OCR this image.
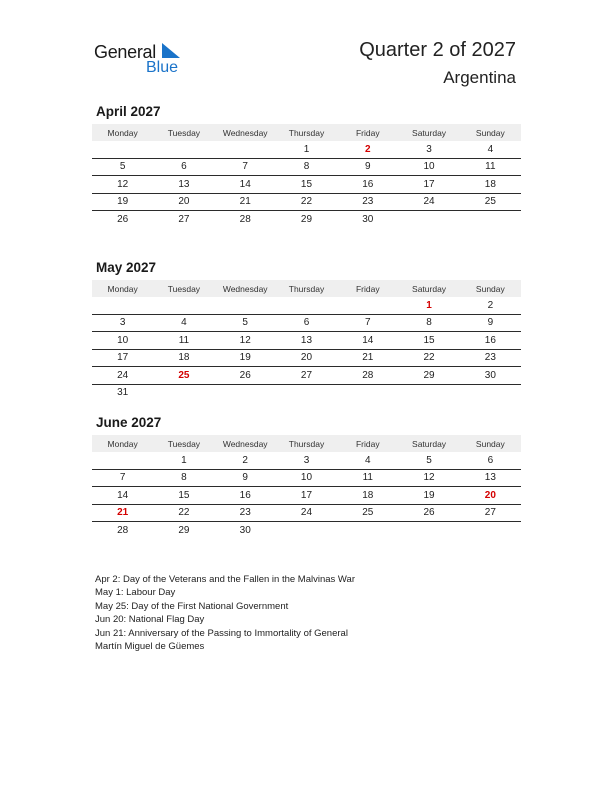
General
Blue
Quarter 2 of 2027
Argentina
April 2027
Monday	Tuesday	Wednesday	Thursday	Friday	Saturday	Sunday
			1	2	3	4
5	6	7	8	9	10	11
12	13	14	15	16	17	18
19	20	21	22	23	24	25
26	27	28	29	30		
May 2027
Monday	Tuesday	Wednesday	Thursday	Friday	Saturday	Sunday
					1	2
3	4	5	6	7	8	9
10	11	12	13	14	15	16
17	18	19	20	21	22	23
24	25	26	27	28	29	30
31						
June 2027
Monday	Tuesday	Wednesday	Thursday	Friday	Saturday	Sunday
	1	2	3	4	5	6
7	8	9	10	11	12	13
14	15	16	17	18	19	20
21	22	23	24	25	26	27
28	29	30				
Apr 2: Day of the Veterans and the Fallen in the Malvinas War
May 1: Labour Day
May 25: Day of the First National Government
Jun 20: National Flag Day
Jun 21: Anniversary of the Passing to Immortality of General
Martín Miguel de Güemes
